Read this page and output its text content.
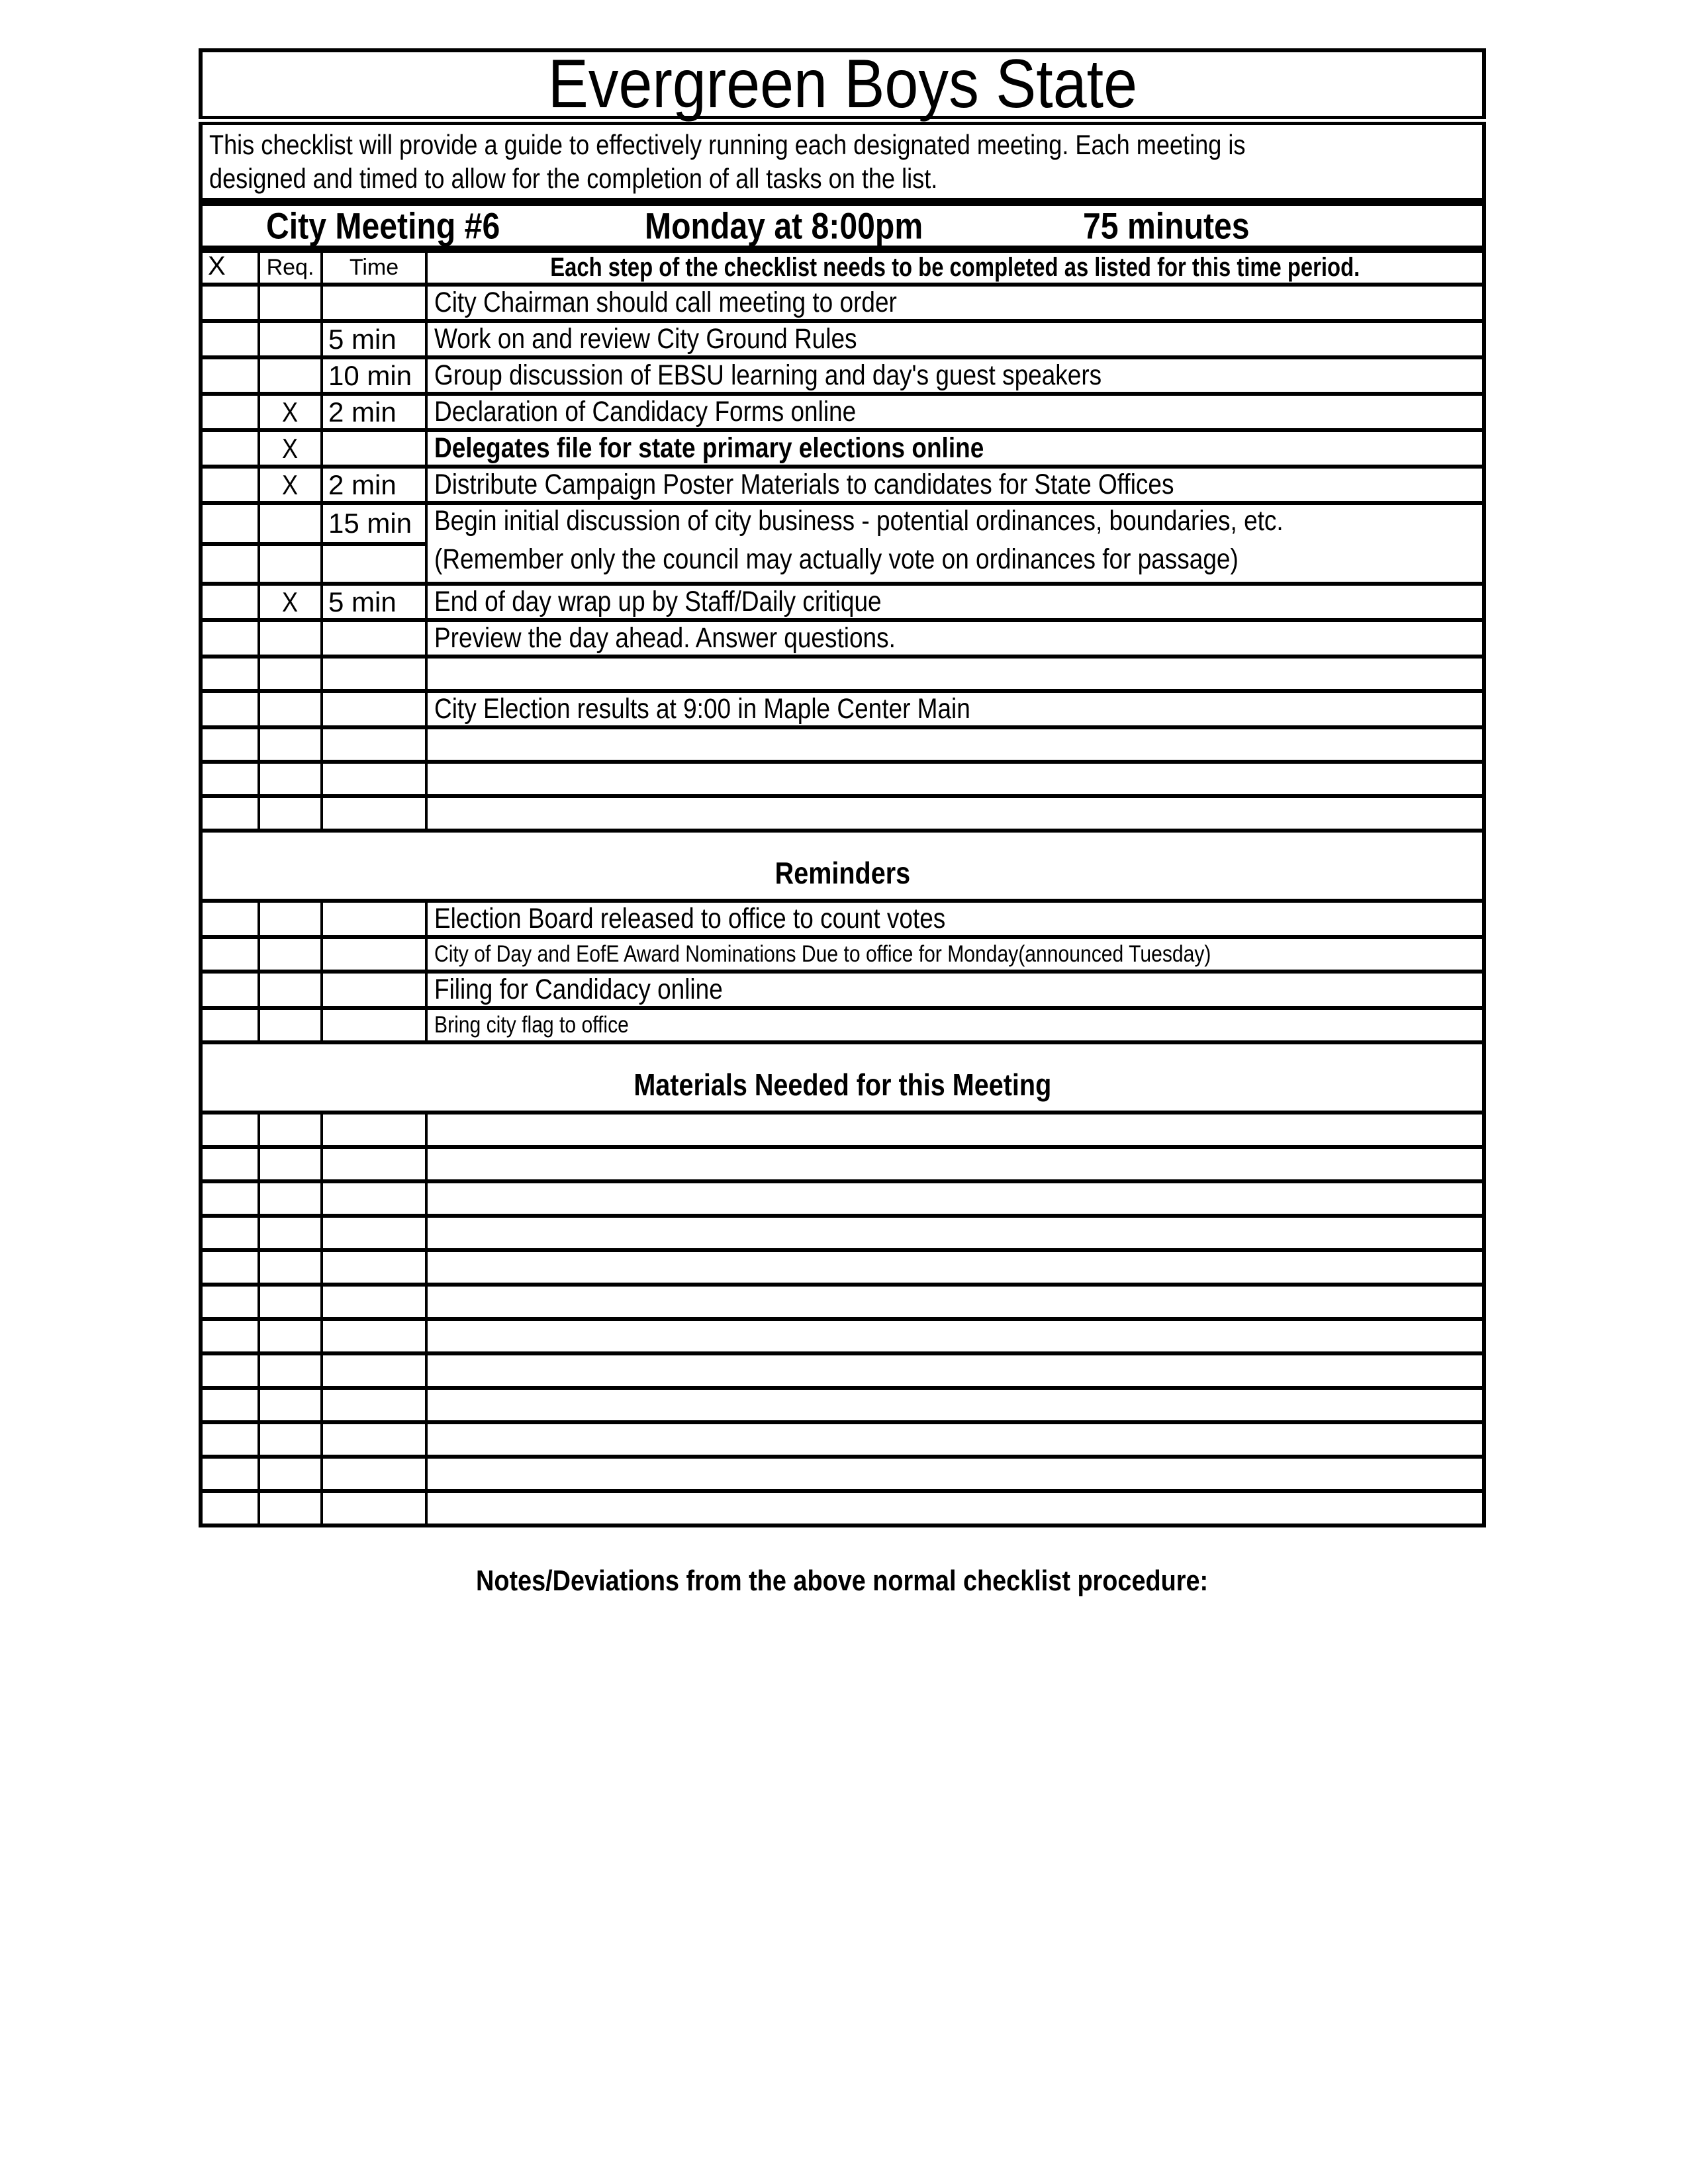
Evergreen Boys State			

This checklist will provide a guide to effectively running each designated meeting. Each meeting is
designed and timed to allow for the completion of all tasks on the list.			

City Meeting #6 Monday at 8:00pm 75 minutes			

X	Req.	Time	Each step of the checklist needs to be completed as listed for this time period.
			City Chairman should call meeting to order
		5 min	Work on and review City Ground Rules
		10 min	Group discussion of EBSU learning and day's guest speakers
	X	2 min	Declaration of Candidacy Forms online
	X		Delegates file for state primary elections online
	X	2 min	Distribute Campaign Poster Materials to candidates for State Offices
		15 min	Begin initial discussion of city business - potential ordinances, boundaries, etc.
(Remember only the council may actually vote on ordinances for passage)

	X	5 min	End of day wrap up by Staff/Daily critique
			Preview the day ahead. Answer questions.

			City Election results at 9:00 in Maple Center Main

Reminders			
			Election Board released to office to count votes
			City of Day and EofE Award Nominations Due to office for Monday(announced Tuesday)
			Filing for Candidacy online
			Bring city flag to office
Materials Needed for this Meeting			

Notes/Deviations from the above normal checklist procedure:
